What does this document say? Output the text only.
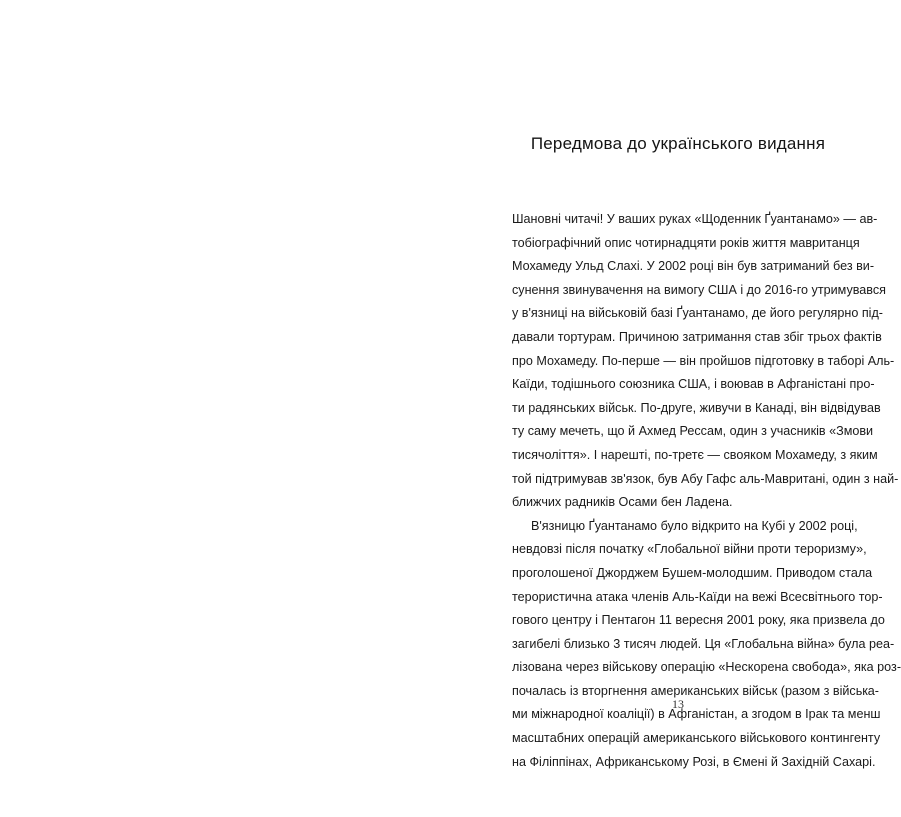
Передмова до українського видання
Шановні читачі! У ваших руках «Щоденник Ґуантанамо» — ав-
тобіографічний опис чотирнадцяти років життя мавританця
Мохамеду Ульд Слахі. У 2002 році він був затриманий без ви-
сунення звинувачення на вимогу США і до 2016-го утримувався
у в'язниці на військовій базі Ґуантанамо, де його регулярно під-
давали тортурам. Причиною затримання став збіг трьох фактів
про Мохамеду. По-перше — він пройшов підготовку в таборі Аль-
Каїди, тодішнього союзника США, і воював в Афганістані про-
ти радянських військ. По-друге, живучи в Канаді, він відвідував
ту саму мечеть, що й Ахмед Рессам, один з учасників «Змови
тисячоліття». І нарешті, по-третє — свояком Мохамеду, з яким
той підтримував зв'язок, був Абу Гафс аль-Мавритані, один з най-
ближчих радників Осами бен Ладена.
В'язницю Ґуантанамо було відкрито на Кубі у 2002 році,
невдовзі після початку «Глобальної війни проти тероризму»,
проголошеної Джорджем Бушем-молодшим. Приводом стала
терористична атака членів Аль-Каїди на вежі Всесвітнього тор-
гового центру і Пентагон 11 вересня 2001 року, яка призвела до
загибелі близько 3 тисяч людей. Ця «Глобальна війна» була реа-
лізована через військову операцію «Нескорена свобода», яка роз-
почалась із вторгнення американських військ (разом з військa-
ми міжнародної коаліції) в Афганістан, а згодом в Ірак та менш
масштабних операцій американського військового контингенту
на Філіппінах, Африканському Розі, в Ємені й Західній Сахарі.
13
